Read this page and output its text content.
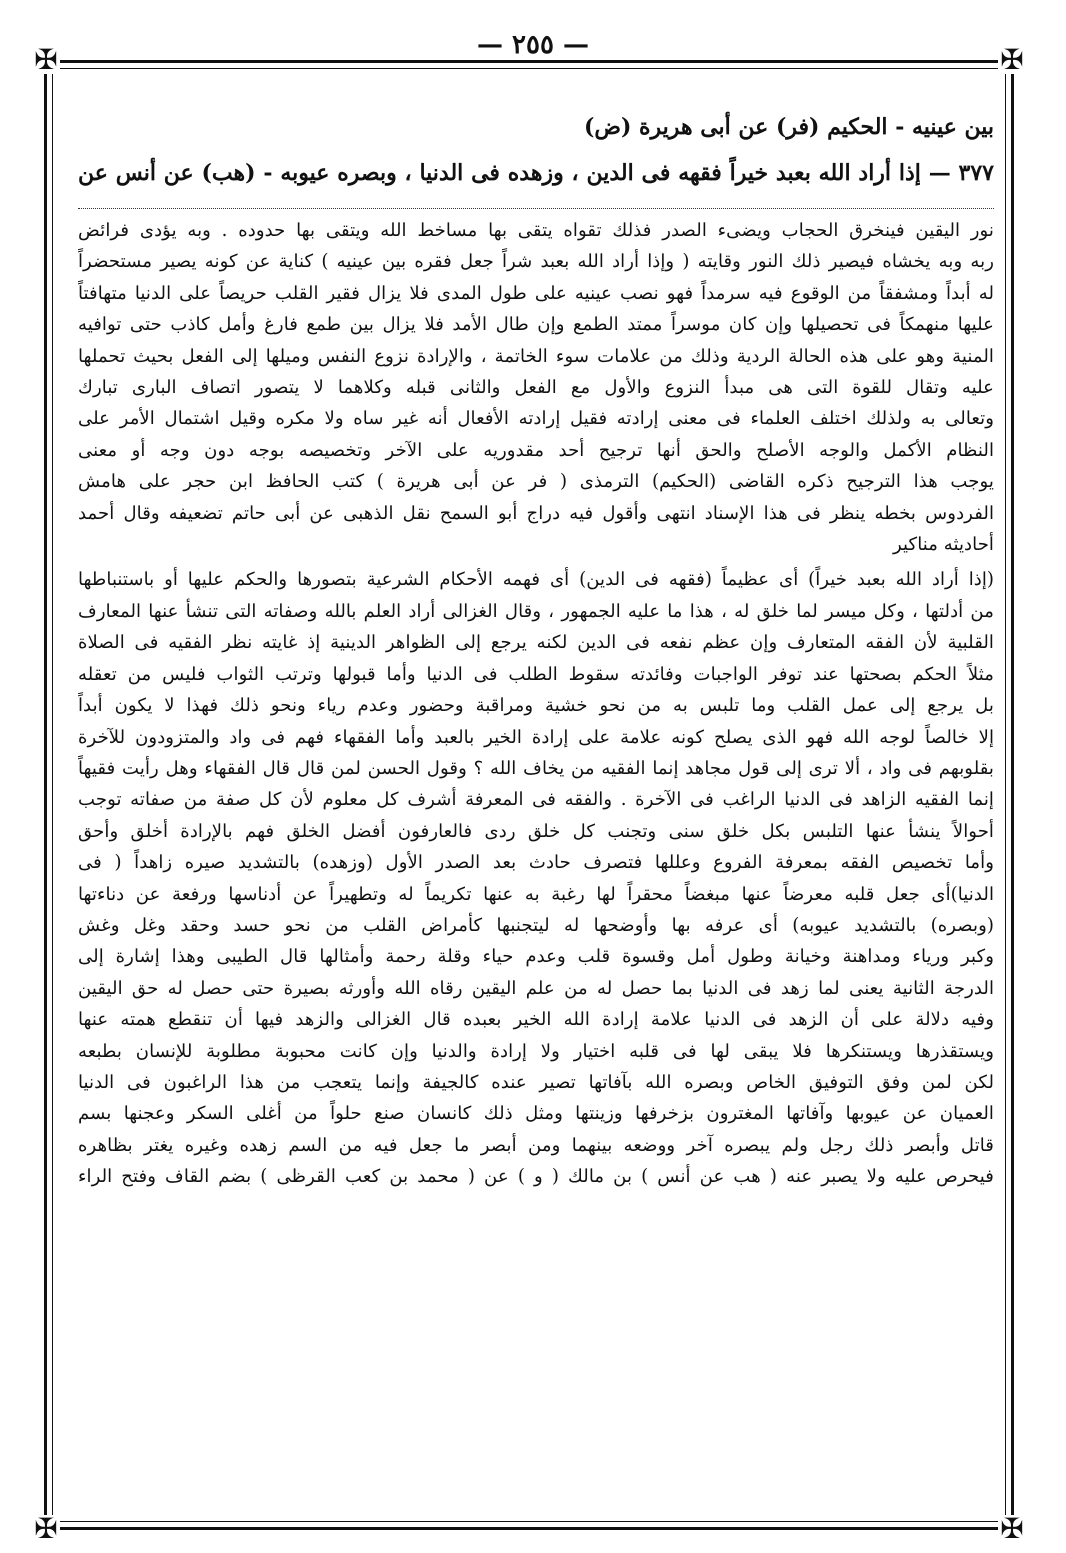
— ٢٥٥ —
✠	✠
✠	✠

بين عينيه - الحكيم (فر) عن أبى هريرة (ض)

٣٧٧ — إذا أراد الله بعبد خيراً فقهه فى الدين ، وزهده فى الدنيا ، وبصره عيوبه - (هب) عن أنس عن

نور اليقين فينخرق الحجاب ويضىء الصدر فذلك تقواه يتقى بها مساخط الله ويتقى بها حدوده . وبه يؤدى فرائض
ربه وبه يخشاه فيصير ذلك النور وقايته ( وإذا أراد الله بعبد شراً جعل فقره بين عينيه ) كناية عن كونه يصير مستحضراً
له أبداً ومشفقاً من الوقوع فيه سرمداً فهو نصب عينيه على طول المدى فلا يزال فقير القلب حريصاً على الدنيا متهافتاً
عليها منهمكاً فى تحصيلها وإن كان موسراً ممتد الطمع وإن طال الأمد فلا يزال بين طمع فارغ وأمل كاذب حتى توافيه
المنية وهو على هذه الحالة الردية وذلك من علامات سوء الخاتمة ، والإرادة نزوع النفس وميلها إلى الفعل بحيث تحملها
عليه وتقال للقوة التى هى مبدأ النزوع والأول مع الفعل والثانى قبله وكلاهما لا يتصور اتصاف البارى تبارك
وتعالى به ولذلك اختلف العلماء فى معنى إرادته فقيل إرادته الأفعال أنه غير ساه ولا مكره وقيل اشتمال الأمر على
النظام الأكمل والوجه الأصلح والحق أنها ترجيح أحد مقدوريه على الآخر وتخصيصه بوجه دون وجه أو معنى
يوجب هذا الترجيح ذكره القاضى (الحكيم) الترمذى ( فر عن أبى هريرة ) كتب الحافظ ابن حجر على هامش
الفردوس بخطه ينظر فى هذا الإسناد انتهى وأقول فيه دراج أبو السمح نقل الذهبى عن أبى حاتم تضعيفه وقال أحمد
أحاديثه مناكير

(إذا أراد الله بعبد خيراً) أى عظيماً (فقهه فى الدين) أى فهمه الأحكام الشرعية بتصورها والحكم عليها أو باستنباطها
من أدلتها ، وكل ميسر لما خلق له ، هذا ما عليه الجمهور ، وقال الغزالى أراد العلم بالله وصفاته التى تنشأ عنها المعارف
القلبية لأن الفقه المتعارف وإن عظم نفعه فى الدين لكنه يرجع إلى الظواهر الدينية إذ غايته نظر الفقيه فى الصلاة
مثلاً الحكم بصحتها عند توفر الواجبات وفائدته سقوط الطلب فى الدنيا وأما قبولها وترتب الثواب فليس من تعقله
بل يرجع إلى عمل القلب وما تلبس به من نحو خشية ومراقبة وحضور وعدم رياء ونحو ذلك فهذا لا يكون أبداً
إلا خالصاً لوجه الله فهو الذى يصلح كونه علامة على إرادة الخير بالعبد وأما الفقهاء فهم فى واد والمتزودون للآخرة
بقلوبهم فى واد ، ألا ترى إلى قول مجاهد إنما الفقيه من يخاف الله ؟ وقول الحسن لمن قال قال الفقهاء وهل رأيت فقيهاً
إنما الفقيه الزاهد فى الدنيا الراغب فى الآخرة . والفقه فى المعرفة أشرف كل معلوم لأن كل صفة من صفاته توجب
أحوالاً ينشأ عنها التلبس بكل خلق سنى وتجنب كل خلق ردى فالعارفون أفضل الخلق فهم بالإرادة أخلق وأحق
وأما تخصيص الفقه بمعرفة الفروع وعللها فتصرف حادث بعد الصدر الأول (وزهده) بالتشديد صيره زاهداً ( فى
الدنيا)أى جعل قلبه معرضاً عنها مبغضاً محقراً لها رغبة به عنها تكريماً له وتطهيراً عن أدناسها ورفعة عن دناءتها
(وبصره) بالتشديد عيوبه) أى عرفه بها وأوضحها له ليتجنبها كأمراض القلب من نحو حسد وحقد وغل وغش
وكبر ورياء ومداهنة وخيانة وطول أمل وقسوة قلب وعدم حياء وقلة رحمة وأمثالها قال الطيبى وهذا إشارة إلى
الدرجة الثانية يعنى لما زهد فى الدنيا بما حصل له من علم اليقين رقاه الله وأورثه بصيرة حتى حصل له حق اليقين
وفيه دلالة على أن الزهد فى الدنيا علامة إرادة الله الخير بعبده قال الغزالى والزهد فيها أن تنقطع همته عنها
ويستقذرها ويستنكرها فلا يبقى لها فى قلبه اختيار ولا إرادة والدنيا وإن كانت محبوبة مطلوبة للإنسان بطبعه
لكن لمن وفق التوفيق الخاص وبصره الله بآفاتها تصير عنده كالجيفة وإنما يتعجب من هذا الراغبون فى الدنيا
العميان عن عيوبها وآفاتها المغترون بزخرفها وزينتها ومثل ذلك كانسان صنع حلواً من أغلى السكر وعجنها بسم
قاتل وأبصر ذلك رجل ولم يبصره آخر ووضعه بينهما ومن أبصر ما جعل فيه من السم زهده وغيره يغتر بظاهره
فيحرص عليه ولا يصبر عنه ( هب عن أنس ) بن مالك ( و ) عن ( محمد بن كعب القرظى ) بضم القاف وفتح الراء
